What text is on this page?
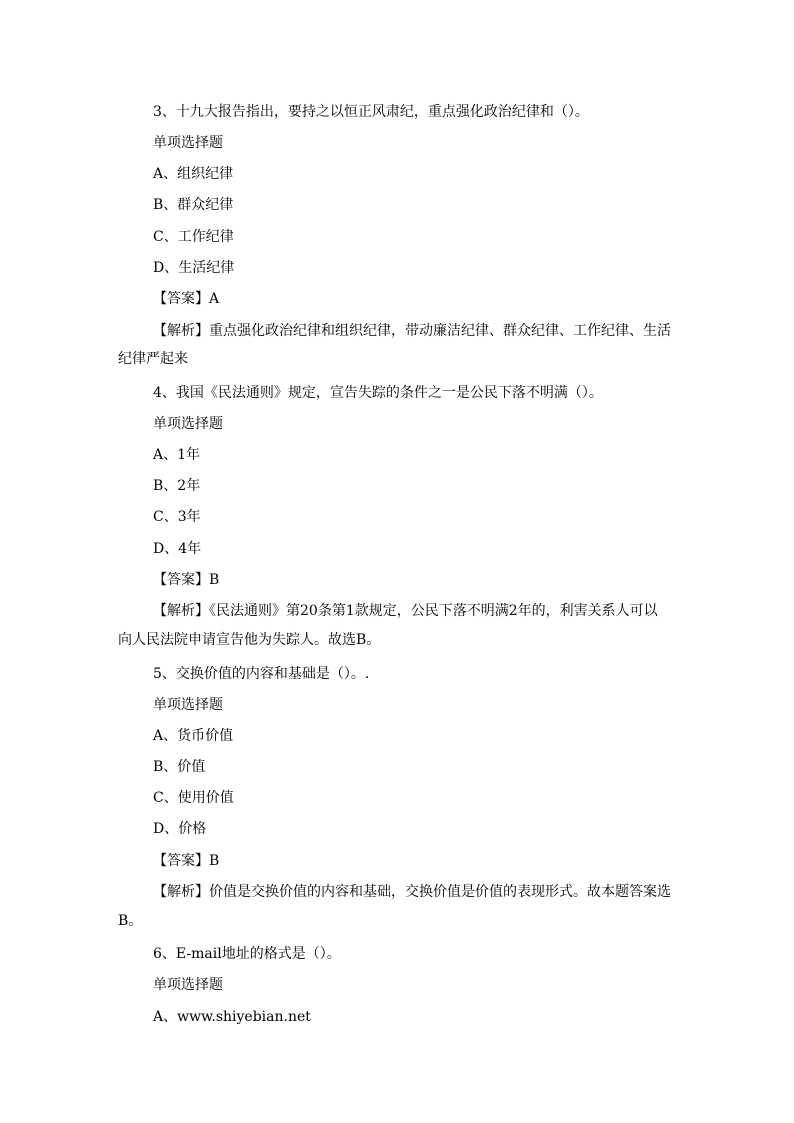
3、十九大报告指出，要持之以恒正风肃纪，重点强化政治纪律和（）。
单项选择题
A、组织纪律
B、群众纪律
C、工作纪律
D、生活纪律
【答案】A
【解析】重点强化政治纪律和组织纪律，带动廉洁纪律、群众纪律、工作纪律、生活
纪律严起来
4、我国《民法通则》规定，宣告失踪的条件之一是公民下落不明满（）。
单项选择题
A、1年
B、2年
C、3年
D、4年
【答案】B
【解析】《民法通则》第20条第1款规定，公民下落不明满2年的，利害关系人可以
向人民法院申请宣告他为失踪人。故选B。
5、交换价值的内容和基础是（）。.
单项选择题
A、货币价值
B、价值
C、使用价值
D、价格
【答案】B
【解析】价值是交换价值的内容和基础，交换价值是价值的表现形式。故本题答案选
B。
6、E-mail地址的格式是（）。
单项选择题
A、www.shiyebian.net
